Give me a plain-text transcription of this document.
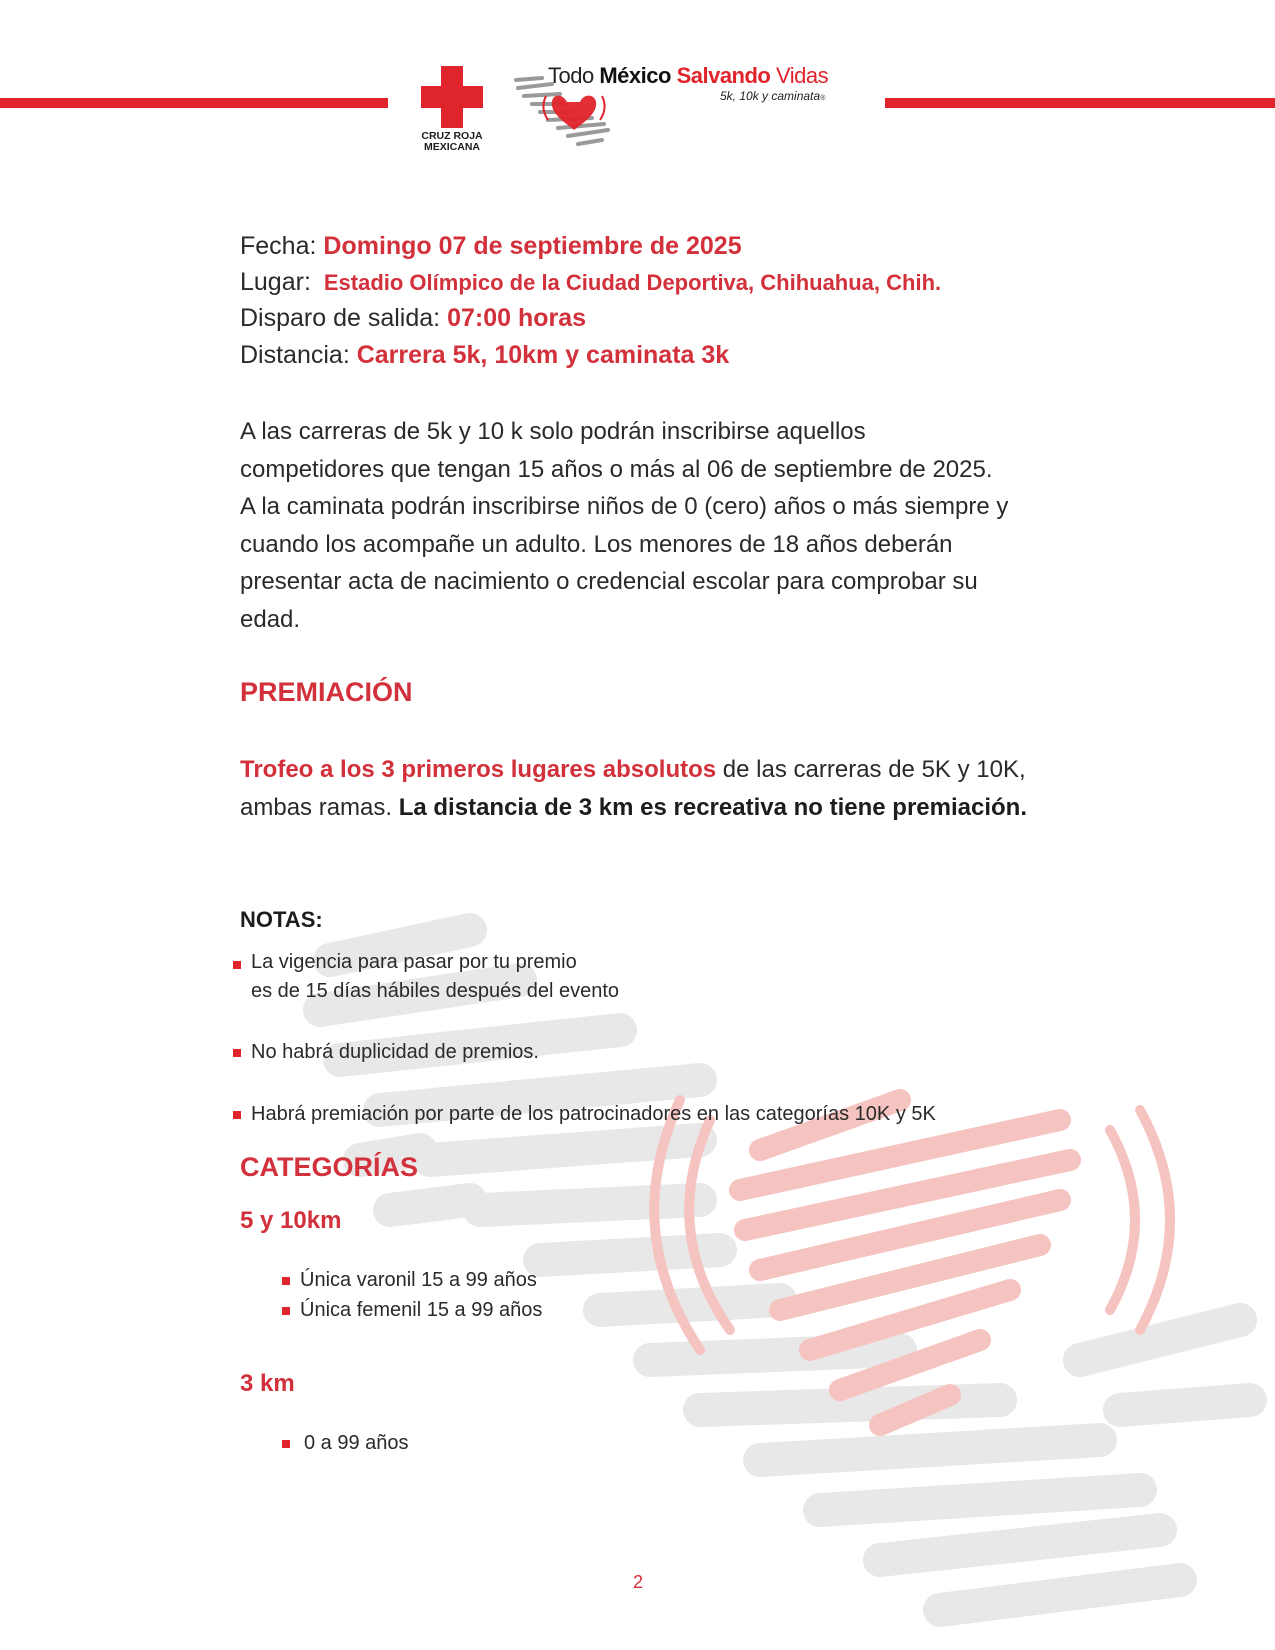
CRUZ ROJA
MEXICANA
Todo México Salvando Vidas
5k, 10k y caminata®
Fecha: Domingo 07 de septiembre de 2025
Lugar: Estadio Olímpico de la Ciudad Deportiva, Chihuahua, Chih.
Disparo de salida: 07:00 horas
Distancia: Carrera 5k, 10km y caminata 3k
A las carreras de 5k y 10 k solo podrán inscribirse aquellos competidores que tengan 15 años o más al 06 de septiembre de 2025. A la caminata podrán inscribirse niños de 0 (cero) años o más siempre y cuando los acompañe un adulto. Los menores de 18 años deberán presentar acta de nacimiento o credencial escolar para comprobar su edad.
PREMIACIÓN
Trofeo a los 3 primeros lugares absolutos de las carreras de 5K y 10K, ambas ramas. La distancia de 3 km es recreativa no tiene premiación.
NOTAS:
La vigencia para pasar por tu premio
es de 15 días hábiles después del evento
No habrá duplicidad de premios.
Habrá premiación por parte de los patrocinadores en las categorías 10K y 5K
CATEGORÍAS
5 y 10km
Única varonil 15 a 99 años
Única femenil 15 a 99 años
3 km
0 a 99 años
2
